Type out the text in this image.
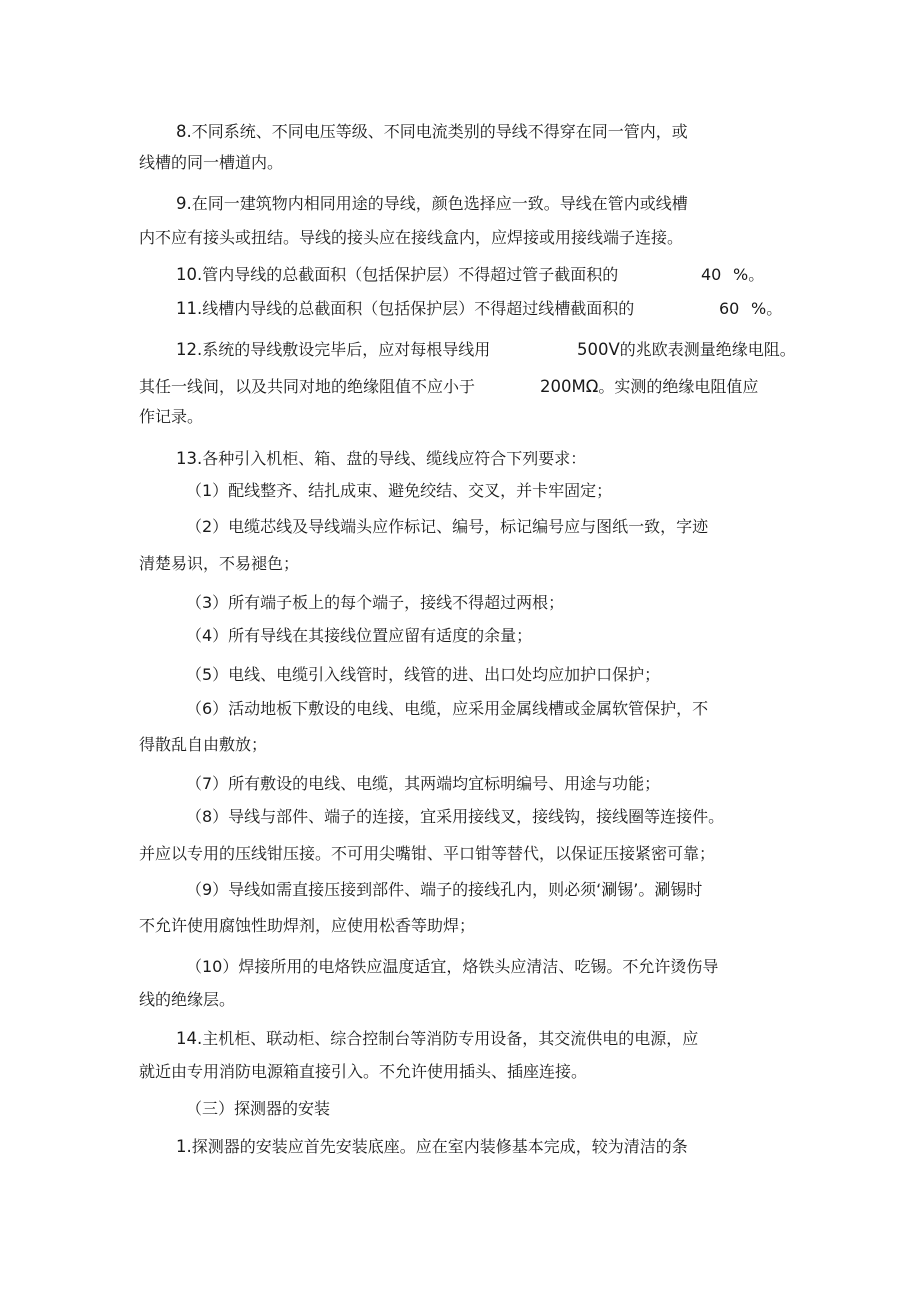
8.不同系统、不同电压等级、不同电流类别的导线不得穿在同一管内，或
线槽的同一槽道内。
9.在同一建筑物内相同用途的导线，颜色选择应一致。导线在管内或线槽
内不应有接头或扭结。导线的接头应在接线盒内，应焊接或用接线端子连接。
10.管内导线的总截面积（包括保护层）不得超过管子截面积的	40 %。
11.线槽内导线的总截面积（包括保护层）不得超过线槽截面积的	60 %。
12.系统的导线敷设完毕后，应对每根导线用	500V的兆欧表测量绝缘电阻。
其任一线间，以及共同对地的绝缘阻值不应小于	200MΩ。实测的绝缘电阻值应
作记录。
13.各种引入机柜、箱、盘的导线、缆线应符合下列要求：
（1）配线整齐、结扎成束、避免绞结、交叉，并卡牢固定；
（2）电缆芯线及导线端头应作标记、编号，标记编号应与图纸一致，字迹
清楚易识，不易褪色；
（3）所有端子板上的每个端子，接线不得超过两根；
（4）所有导线在其接线位置应留有适度的余量；
（5）电线、电缆引入线管时，线管的进、出口处均应加护口保护；
（6）活动地板下敷设的电线、电缆，应采用金属线槽或金属软管保护，不
得散乱自由敷放；
（7）所有敷设的电线、电缆，其两端均宜标明编号、用途与功能；
（8）导线与部件、端子的连接，宜采用接线叉，接线钩，接线圈等连接件。
并应以专用的压线钳压接。不可用尖嘴钳、平口钳等替代，以保证压接紧密可靠；
（9）导线如需直接压接到部件、端子的接线孔内，则必须‘涮锡’。涮锡时
不允许使用腐蚀性助焊剂，应使用松香等助焊；
（10）焊接所用的电烙铁应温度适宜，烙铁头应清洁、吃锡。不允许烫伤导
线的绝缘层。
14.主机柜、联动柜、综合控制台等消防专用设备，其交流供电的电源，应
就近由专用消防电源箱直接引入。不允许使用插头、插座连接。
（三）探测器的安装
1.探测器的安装应首先安装底座。应在室内装修基本完成，较为清洁的条
